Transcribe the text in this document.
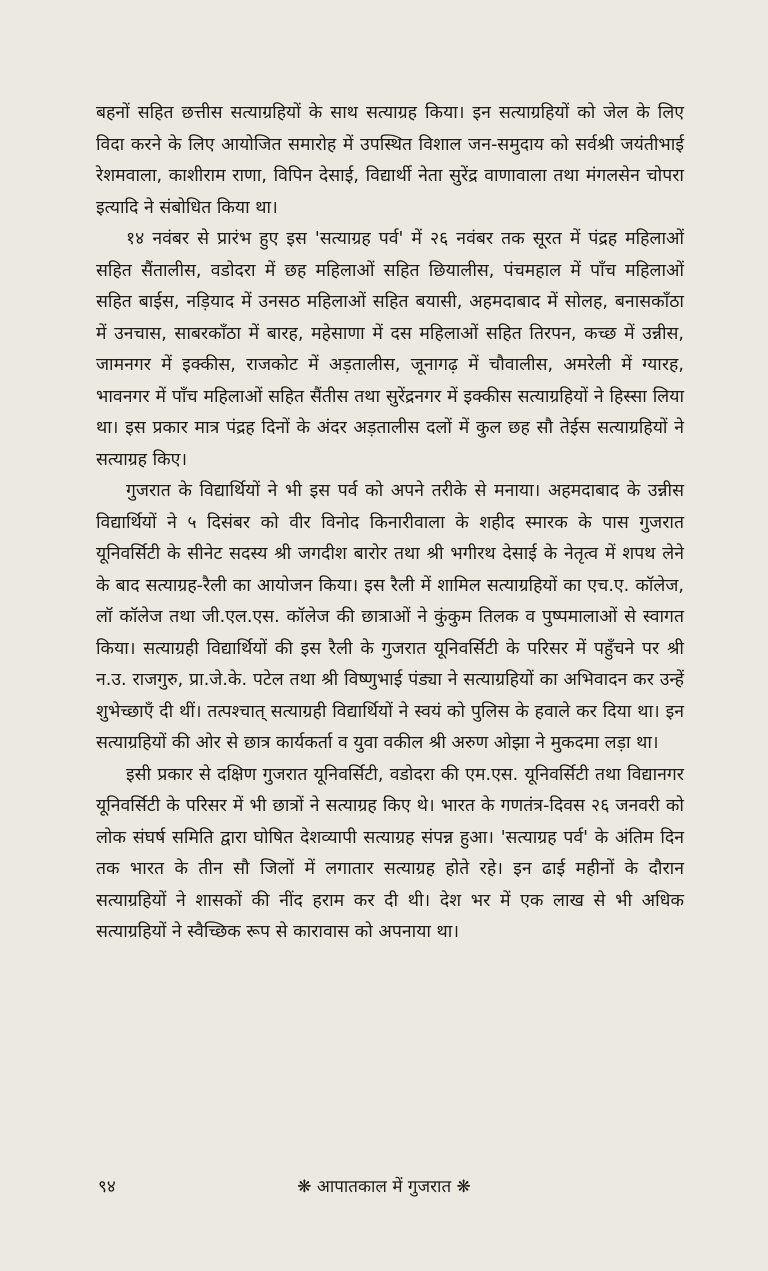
बहनों सहित छत्तीस सत्याग्रहियों के साथ सत्याग्रह किया। इन सत्याग्रहियों को जेल के लिए विदा करने के लिए आयोजित समारोह में उपस्थित विशाल जन-समुदाय को सर्वश्री जयंतीभाई रेशमवाला, काशीराम राणा, विपिन देसाई, विद्यार्थी नेता सुरेंद्र वाणावाला तथा मंगलसेन चोपरा इत्यादि ने संबोधित किया था।

१४ नवंबर से प्रारंभ हुए इस 'सत्याग्रह पर्व' में २६ नवंबर तक सूरत में पंद्रह महिलाओं सहित सैंतालीस, वडोदरा में छह महिलाओं सहित छियालीस, पंचमहाल में पाँच महिलाओं सहित बाईस, नड़ियाद में उनसठ महिलाओं सहित बयासी, अहमदाबाद में सोलह, बनासकाँठा में उनचास, साबरकाँठा में बारह, महेसाणा में दस महिलाओं सहित तिरपन, कच्छ में उन्नीस, जामनगर में इक्कीस, राजकोट में अड़तालीस, जूनागढ़ में चौवालीस, अमरेली में ग्यारह, भावनगर में पाँच महिलाओं सहित सैंतीस तथा सुरेंद्रनगर में इक्कीस सत्याग्रहियों ने हिस्सा लिया था। इस प्रकार मात्र पंद्रह दिनों के अंदर अड़तालीस दलों में कुल छह सौ तेईस सत्याग्रहियों ने सत्याग्रह किए।

गुजरात के विद्यार्थियों ने भी इस पर्व को अपने तरीके से मनाया। अहमदाबाद के उन्नीस विद्यार्थियों ने ५ दिसंबर को वीर विनोद किनारीवाला के शहीद स्मारक के पास गुजरात यूनिवर्सिटी के सीनेट सदस्य श्री जगदीश बारोर तथा श्री भगीरथ देसाई के नेतृत्व में शपथ लेने के बाद सत्याग्रह-रैली का आयोजन किया। इस रैली में शामिल सत्याग्रहियों का एच.ए. कॉलेज, लॉ कॉलेज तथा जी.एल.एस. कॉलेज की छात्राओं ने कुंकुम तिलक व पुष्पमालाओं से स्वागत किया। सत्याग्रही विद्यार्थियों की इस रैली के गुजरात यूनिवर्सिटी के परिसर में पहुँचने पर श्री न.उ. राजगुरु, प्रा.जे.के. पटेल तथा श्री विष्णुभाई पंड्या ने सत्याग्रहियों का अभिवादन कर उन्हें शुभेच्छाएँ दी थीं। तत्पश्चात् सत्याग्रही विद्यार्थियों ने स्वयं को पुलिस के हवाले कर दिया था। इन सत्याग्रहियों की ओर से छात्र कार्यकर्ता व युवा वकील श्री अरुण ओझा ने मुकदमा लड़ा था।

इसी प्रकार से दक्षिण गुजरात यूनिवर्सिटी, वडोदरा की एम.एस. यूनिवर्सिटी तथा विद्यानगर यूनिवर्सिटी के परिसर में भी छात्रों ने सत्याग्रह किए थे। भारत के गणतंत्र-दिवस २६ जनवरी को लोक संघर्ष समिति द्वारा घोषित देशव्यापी सत्याग्रह संपन्न हुआ। 'सत्याग्रह पर्व' के अंतिम दिन तक भारत के तीन सौ जिलों में लगातार सत्याग्रह होते रहे। इन ढाई महीनों के दौरान सत्याग्रहियों ने शासकों की नींद हराम कर दी थी। देश भर में एक लाख से भी अधिक सत्याग्रहियों ने स्वैच्छिक रूप से कारावास को अपनाया था।

❋ आपातकाल में गुजरात ❋
९४
